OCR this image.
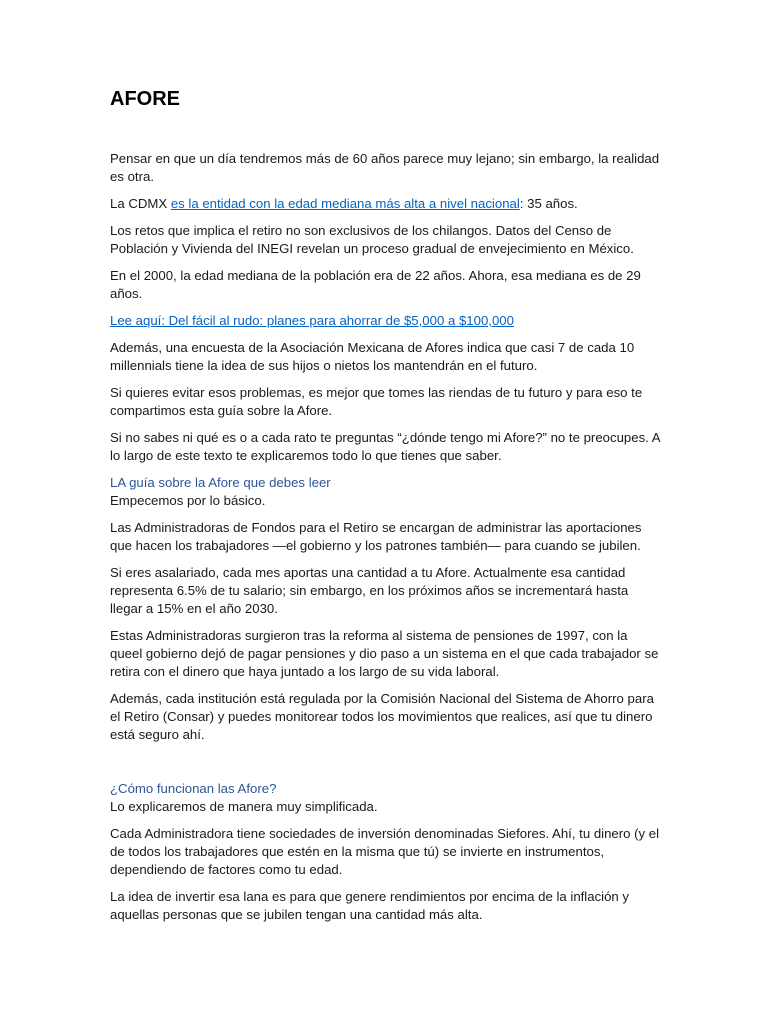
AFORE

Pensar en que un día tendremos más de 60 años parece muy lejano; sin embargo, la realidad es otra.

La CDMX es la entidad con la edad mediana más alta a nivel nacional: 35 años.

Los retos que implica el retiro no son exclusivos de los chilangos. Datos del Censo de Población y Vivienda del INEGI revelan un proceso gradual de envejecimiento en México.

En el 2000, la edad mediana de la población era de 22 años. Ahora, esa mediana es de 29 años.

Lee aquí: Del fácil al rudo: planes para ahorrar de $5,000 a $100,000

Además, una encuesta de la Asociación Mexicana de Afores indica que casi 7 de cada 10 millennials tiene la idea de sus hijos o nietos los mantendrán en el futuro.

Si quieres evitar esos problemas, es mejor que tomes las riendas de tu futuro y para eso te compartimos esta guía sobre la Afore.

Si no sabes ni qué es o a cada rato te preguntas “¿dónde tengo mi Afore?” no te preocupes. A lo largo de este texto te explicaremos todo lo que tienes que saber.

LA guía sobre la Afore que debes leer

Empecemos por lo básico.

Las Administradoras de Fondos para el Retiro se encargan de administrar las aportaciones que hacen los trabajadores —el gobierno y los patrones también— para cuando se jubilen.

Si eres asalariado, cada mes aportas una cantidad a tu Afore. Actualmente esa cantidad representa 6.5% de tu salario; sin embargo, en los próximos años se incrementará hasta llegar a 15% en el año 2030.

Estas Administradoras surgieron tras la reforma al sistema de pensiones de 1997, con la queel gobierno dejó de pagar pensiones y dio paso a un sistema en el que cada trabajador se retira con el dinero que haya juntado a los largo de su vida laboral.

Además, cada institución está regulada por la Comisión Nacional del Sistema de Ahorro para el Retiro (Consar) y puedes monitorear todos los movimientos que realices, así que tu dinero está seguro ahí.

¿Cómo funcionan las Afore?

Lo explicaremos de manera muy simplificada.

Cada Administradora tiene sociedades de inversión denominadas Siefores. Ahí, tu dinero (y el de todos los trabajadores que estén en la misma que tú) se invierte en instrumentos, dependiendo de factores como tu edad.

La idea de invertir esa lana es para que genere rendimientos por encima de la inflación y aquellas personas que se jubilen tengan una cantidad más alta.
